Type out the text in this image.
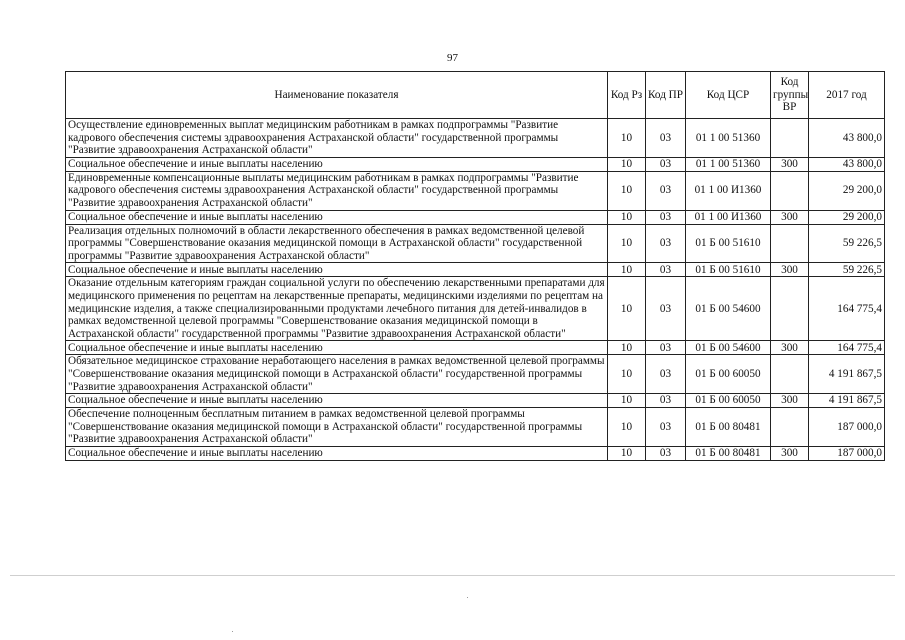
97
Наименование показателя	Код Рз	Код ПР	Код ЦСР	Код группы ВР	2017 год
Осуществление единовременных выплат медицинским работникам в рамках подпрограммы "Развитие кадрового обеспечения системы здравоохранения Астраханской области" государственной программы "Развитие здравоохранения Астраханской области"	10	03	01 1 00 51360		43 800,0
Социальное обеспечение и иные выплаты населению	10	03	01 1 00 51360	300	43 800,0
Единовременные компенсационные выплаты медицинским работникам в рамках подпрограммы "Развитие кадрового обеспечения системы здравоохранения Астраханской области" государственной программы "Развитие здравоохранения Астраханской области"	10	03	01 1 00 И1360		29 200,0
Социальное обеспечение и иные выплаты населению	10	03	01 1 00 И1360	300	29 200,0
Реализация отдельных полномочий в области лекарственного обеспечения в рамках ведомственной целевой программы "Совершенствование оказания медицинской помощи в Астраханской области" государственной программы "Развитие здравоохранения Астраханской области"	10	03	01 Б 00 51610		59 226,5
Социальное обеспечение и иные выплаты населению	10	03	01 Б 00 51610	300	59 226,5
Оказание отдельным категориям граждан социальной услуги по обеспечению лекарственными препаратами для медицинского применения по рецептам на лекарственные препараты, медицинскими изделиями по рецептам на медицинские изделия, а также специализированными продуктами лечебного питания для детей-инвалидов в рамках ведомственной целевой программы "Совершенствование оказания медицинской помощи в Астраханской области" государственной программы "Развитие здравоохранения Астраханской области"	10	03	01 Б 00 54600		164 775,4
Социальное обеспечение и иные выплаты населению	10	03	01 Б 00 54600	300	164 775,4
Обязательное медицинское страхование неработающего населения в рамках ведомственной целевой программы "Совершенствование оказания медицинской помощи в Астраханской области" государственной программы "Развитие здравоохранения Астраханской области"	10	03	01 Б 00 60050		4 191 867,5
Социальное обеспечение и иные выплаты населению	10	03	01 Б 00 60050	300	4 191 867,5
Обеспечение полноценным бесплатным питанием в рамках ведомственной целевой программы "Совершенствование оказания медицинской помощи в Астраханской области" государственной программы "Развитие здравоохранения Астраханской области"	10	03	01 Б 00 80481		187 000,0
Социальное обеспечение и иные выплаты населению	10	03	01 Б 00 80481	300	187 000,0
